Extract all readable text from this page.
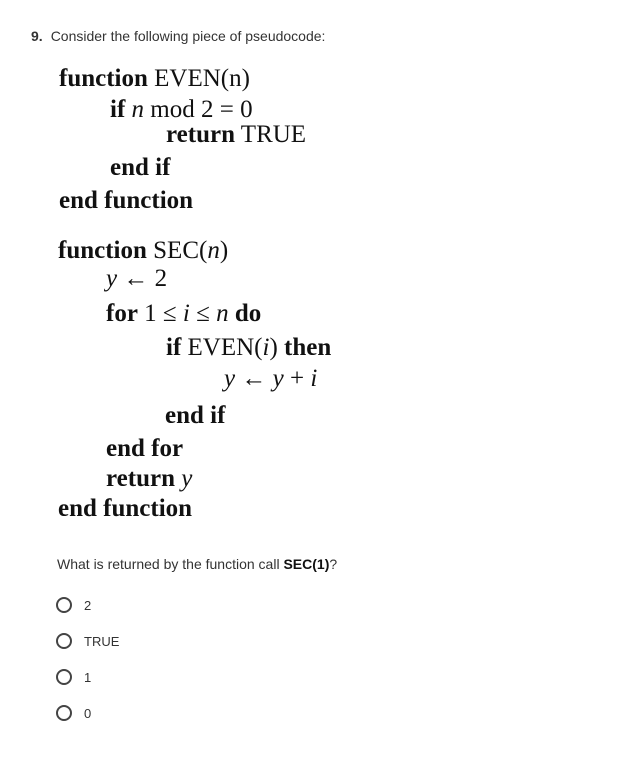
9. Consider the following piece of pseudocode:
function EVEN(n)
if n mod 2 = 0
return TRUE
end if
end function
function SEC(n)
y ← 2
for 1 ≤ i ≤ n do
if EVEN(i) then
y ← y + i
end if
end for
return y
end function
What is returned by the function call SEC(1)?
2
TRUE
1
0
